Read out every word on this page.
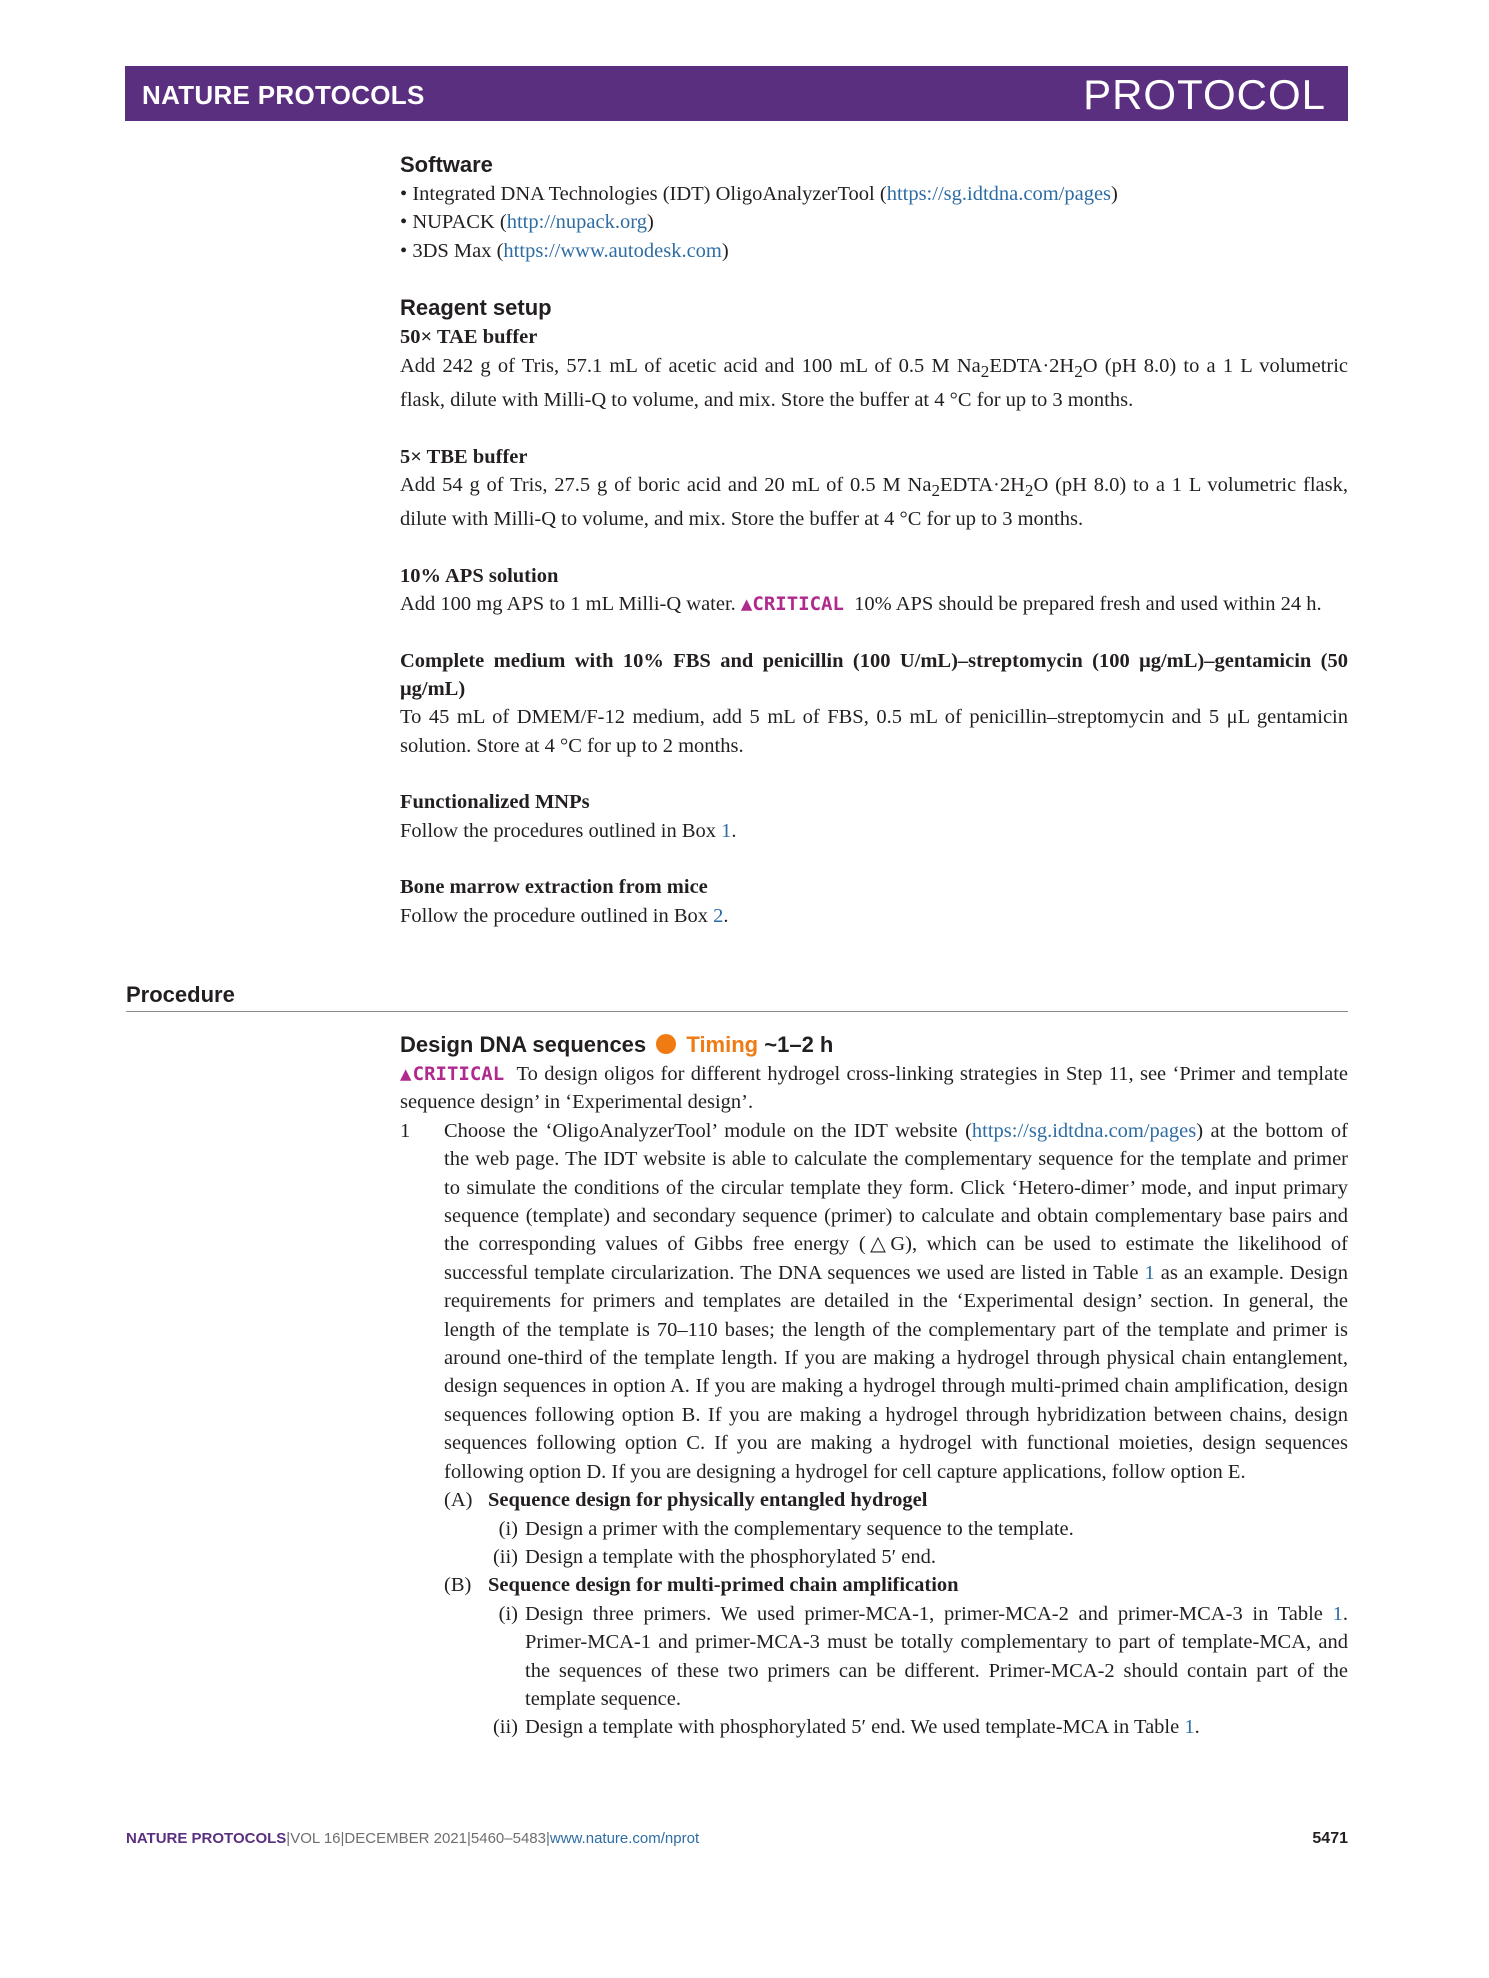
NATURE PROTOCOLS	PROTOCOL
Software
• Integrated DNA Technologies (IDT) OligoAnalyzerTool (https://sg.idtdna.com/pages)
• NUPACK (http://nupack.org)
• 3DS Max (https://www.autodesk.com)
Reagent setup
50× TAE buffer
Add 242 g of Tris, 57.1 mL of acetic acid and 100 mL of 0.5 M $Na_2EDTA\cdot 2H_2O$ (pH 8.0) to a 1 L volumetric flask, dilute with Milli-Q to volume, and mix. Store the buffer at 4 °C for up to 3 months.
5× TBE buffer
Add 54 g of Tris, 27.5 g of boric acid and 20 mL of 0.5 M $Na_2EDTA\cdot 2H_2O$ (pH 8.0) to a 1 L volumetric flask, dilute with Milli-Q to volume, and mix. Store the buffer at 4 °C for up to 3 months.
10% APS solution
Add 100 mg APS to 1 mL Milli-Q water. ▲CRITICAL 10% APS should be prepared fresh and used within 24 h.
Complete medium with 10% FBS and penicillin (100 U/mL)–streptomycin (100 μg/mL)–gentamicin (50 μg/mL)
To 45 mL of DMEM/F-12 medium, add 5 mL of FBS, 0.5 mL of penicillin–streptomycin and 5 μL gentamicin solution. Store at 4 °C for up to 2 months.
Functionalized MNPs
Follow the procedures outlined in Box 1.
Bone marrow extraction from mice
Follow the procedure outlined in Box 2.
Procedure
Design DNA sequences Timing ~1–2 h
▲CRITICAL To design oligos for different hydrogel cross-linking strategies in Step 11, see ‘Primer and template sequence design’ in ‘Experimental design’.
1	Choose the ‘OligoAnalyzerTool’ module on the IDT website (https://sg.idtdna.com/pages) at the bottom of the web page. The IDT website is able to calculate the complementary sequence for the template and primer to simulate the conditions of the circular template they form. Click ‘Hetero-dimer’ mode, and input primary sequence (template) and secondary sequence (primer) to calculate and obtain complementary base pairs and the corresponding values of Gibbs free energy (△G), which can be used to estimate the likelihood of successful template circularization. The DNA sequences we used are listed in Table 1 as an example. Design requirements for primers and templates are detailed in the ‘Experimental design’ section. In general, the length of the template is 70–110 bases; the length of the complementary part of the template and primer is around one-third of the template length. If you are making a hydrogel through physical chain entanglement, design sequences in option A. If you are making a hydrogel through multi-primed chain amplification, design sequences following option B. If you are making a hydrogel through hybridization between chains, design sequences following option C. If you are making a hydrogel with functional moieties, design sequences following option D. If you are designing a hydrogel for cell capture applications, follow option E.
(A) Sequence design for physically entangled hydrogel
(i) Design a primer with the complementary sequence to the template.
(ii) Design a template with the phosphorylated 5′ end.
(B) Sequence design for multi-primed chain amplification
(i) Design three primers. We used primer-MCA-1, primer-MCA-2 and primer-MCA-3 in Table 1. Primer-MCA-1 and primer-MCA-3 must be totally complementary to part of template-MCA, and the sequences of these two primers can be different. Primer-MCA-2 should contain part of the template sequence.
(ii) Design a template with phosphorylated 5′ end. We used template-MCA in Table 1.
NATURE PROTOCOLS|VOL 16|DECEMBER 2021|5460–5483|www.nature.com/nprot	5471
